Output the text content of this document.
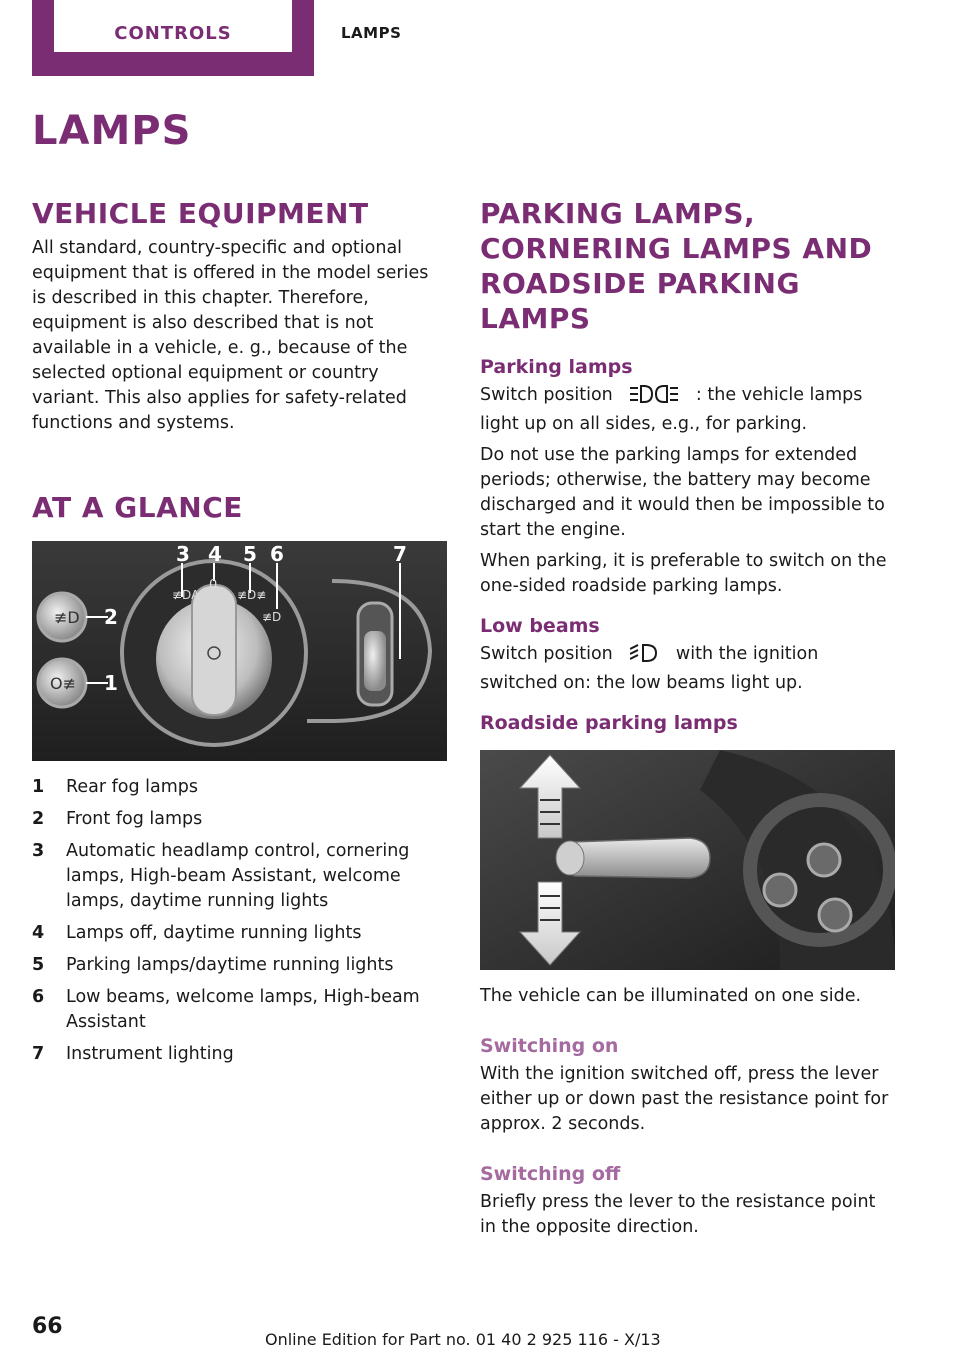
CONTROLS	LAMPS
LAMPS
VEHICLE EQUIPMENT

All standard, country-specific and optional equipment that is offered in the model series is described in this chapter. Therefore, equipment is also described that is not available in a vehicle, e. g., because of the selected optional equipment or country variant. This also applies for safety-related functions and systems.

AT A GLANCE
≢D
O≢
3 4 5 6	7
2
1
0
≢DA	≢D≢
≢D
1	Rear fog lamps
2	Front fog lamps
3	Automatic headlamp control, cornering lamps, High-beam Assistant, welcome lamps, daytime running lights
4	Lamps off, daytime running lights
5	Parking lamps/daytime running lights
6	Low beams, welcome lamps, High-beam Assistant
7	Instrument lighting
PARKING LAMPS, CORNERING LAMPS AND ROADSIDE PARKING LAMPS
Parking lamps

Switch position	: the vehicle lamps light up on all sides, e.g., for parking.

Do not use the parking lamps for extended periods; otherwise, the battery may become discharged and it would then be impossible to start the engine.

When parking, it is preferable to switch on the one-sided roadside parking lamps.

Low beams

Switch position	with the ignition switched on: the low beams light up.

Roadside parking lamps

The vehicle can be illuminated on one side.

Switching on

With the ignition switched off, press the lever either up or down past the resistance point for approx. 2 seconds.

Switching off

Briefly press the lever to the resistance point in the opposite direction.

66
Online Edition for Part no. 01 40 2 925 116 - X/13
